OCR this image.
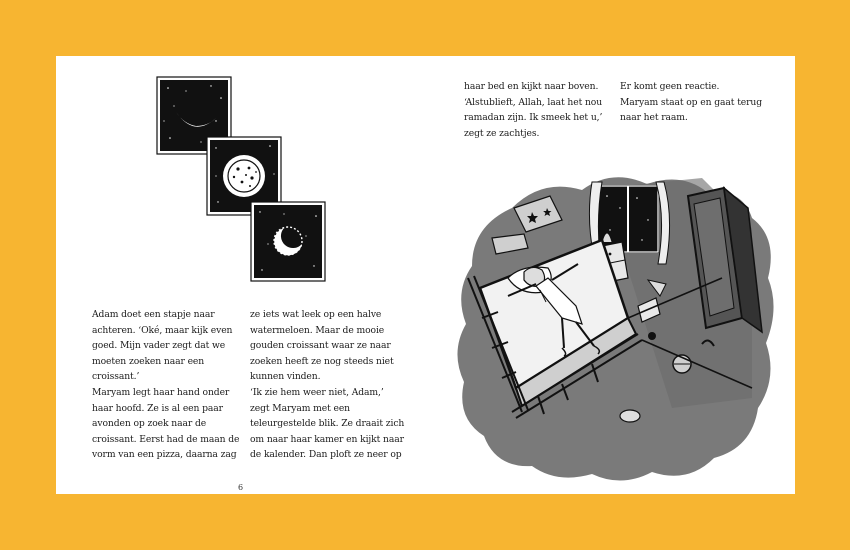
Adam doet een stapje naar
achteren. ‘Oké, maar kijk even
goed. Mijn vader zegt dat we
moeten zoeken naar een
croissant.’
Maryam legt haar hand onder
haar hoofd. Ze is al een paar
avonden op zoek naar de
croissant. Eerst had de maan de
vorm van een pizza, daarna zag
ze iets wat leek op een halve
watermeloen. Maar de mooie
gouden croissant waar ze naar
zoeken heeft ze nog steeds niet
kunnen vinden.
‘Ik zie hem weer niet, Adam,’
zegt Maryam met een
teleurgestelde blik. Ze draait zich
om naar haar kamer en kijkt naar
de kalender. Dan ploft ze neer op
6
haar bed en kijkt naar boven.
‘Alstublieft, Allah, laat het nou
ramadan zijn. Ik smeek het u,’
zegt ze zachtjes.
Er komt geen reactie.
Maryam staat op en gaat terug
naar het raam.
